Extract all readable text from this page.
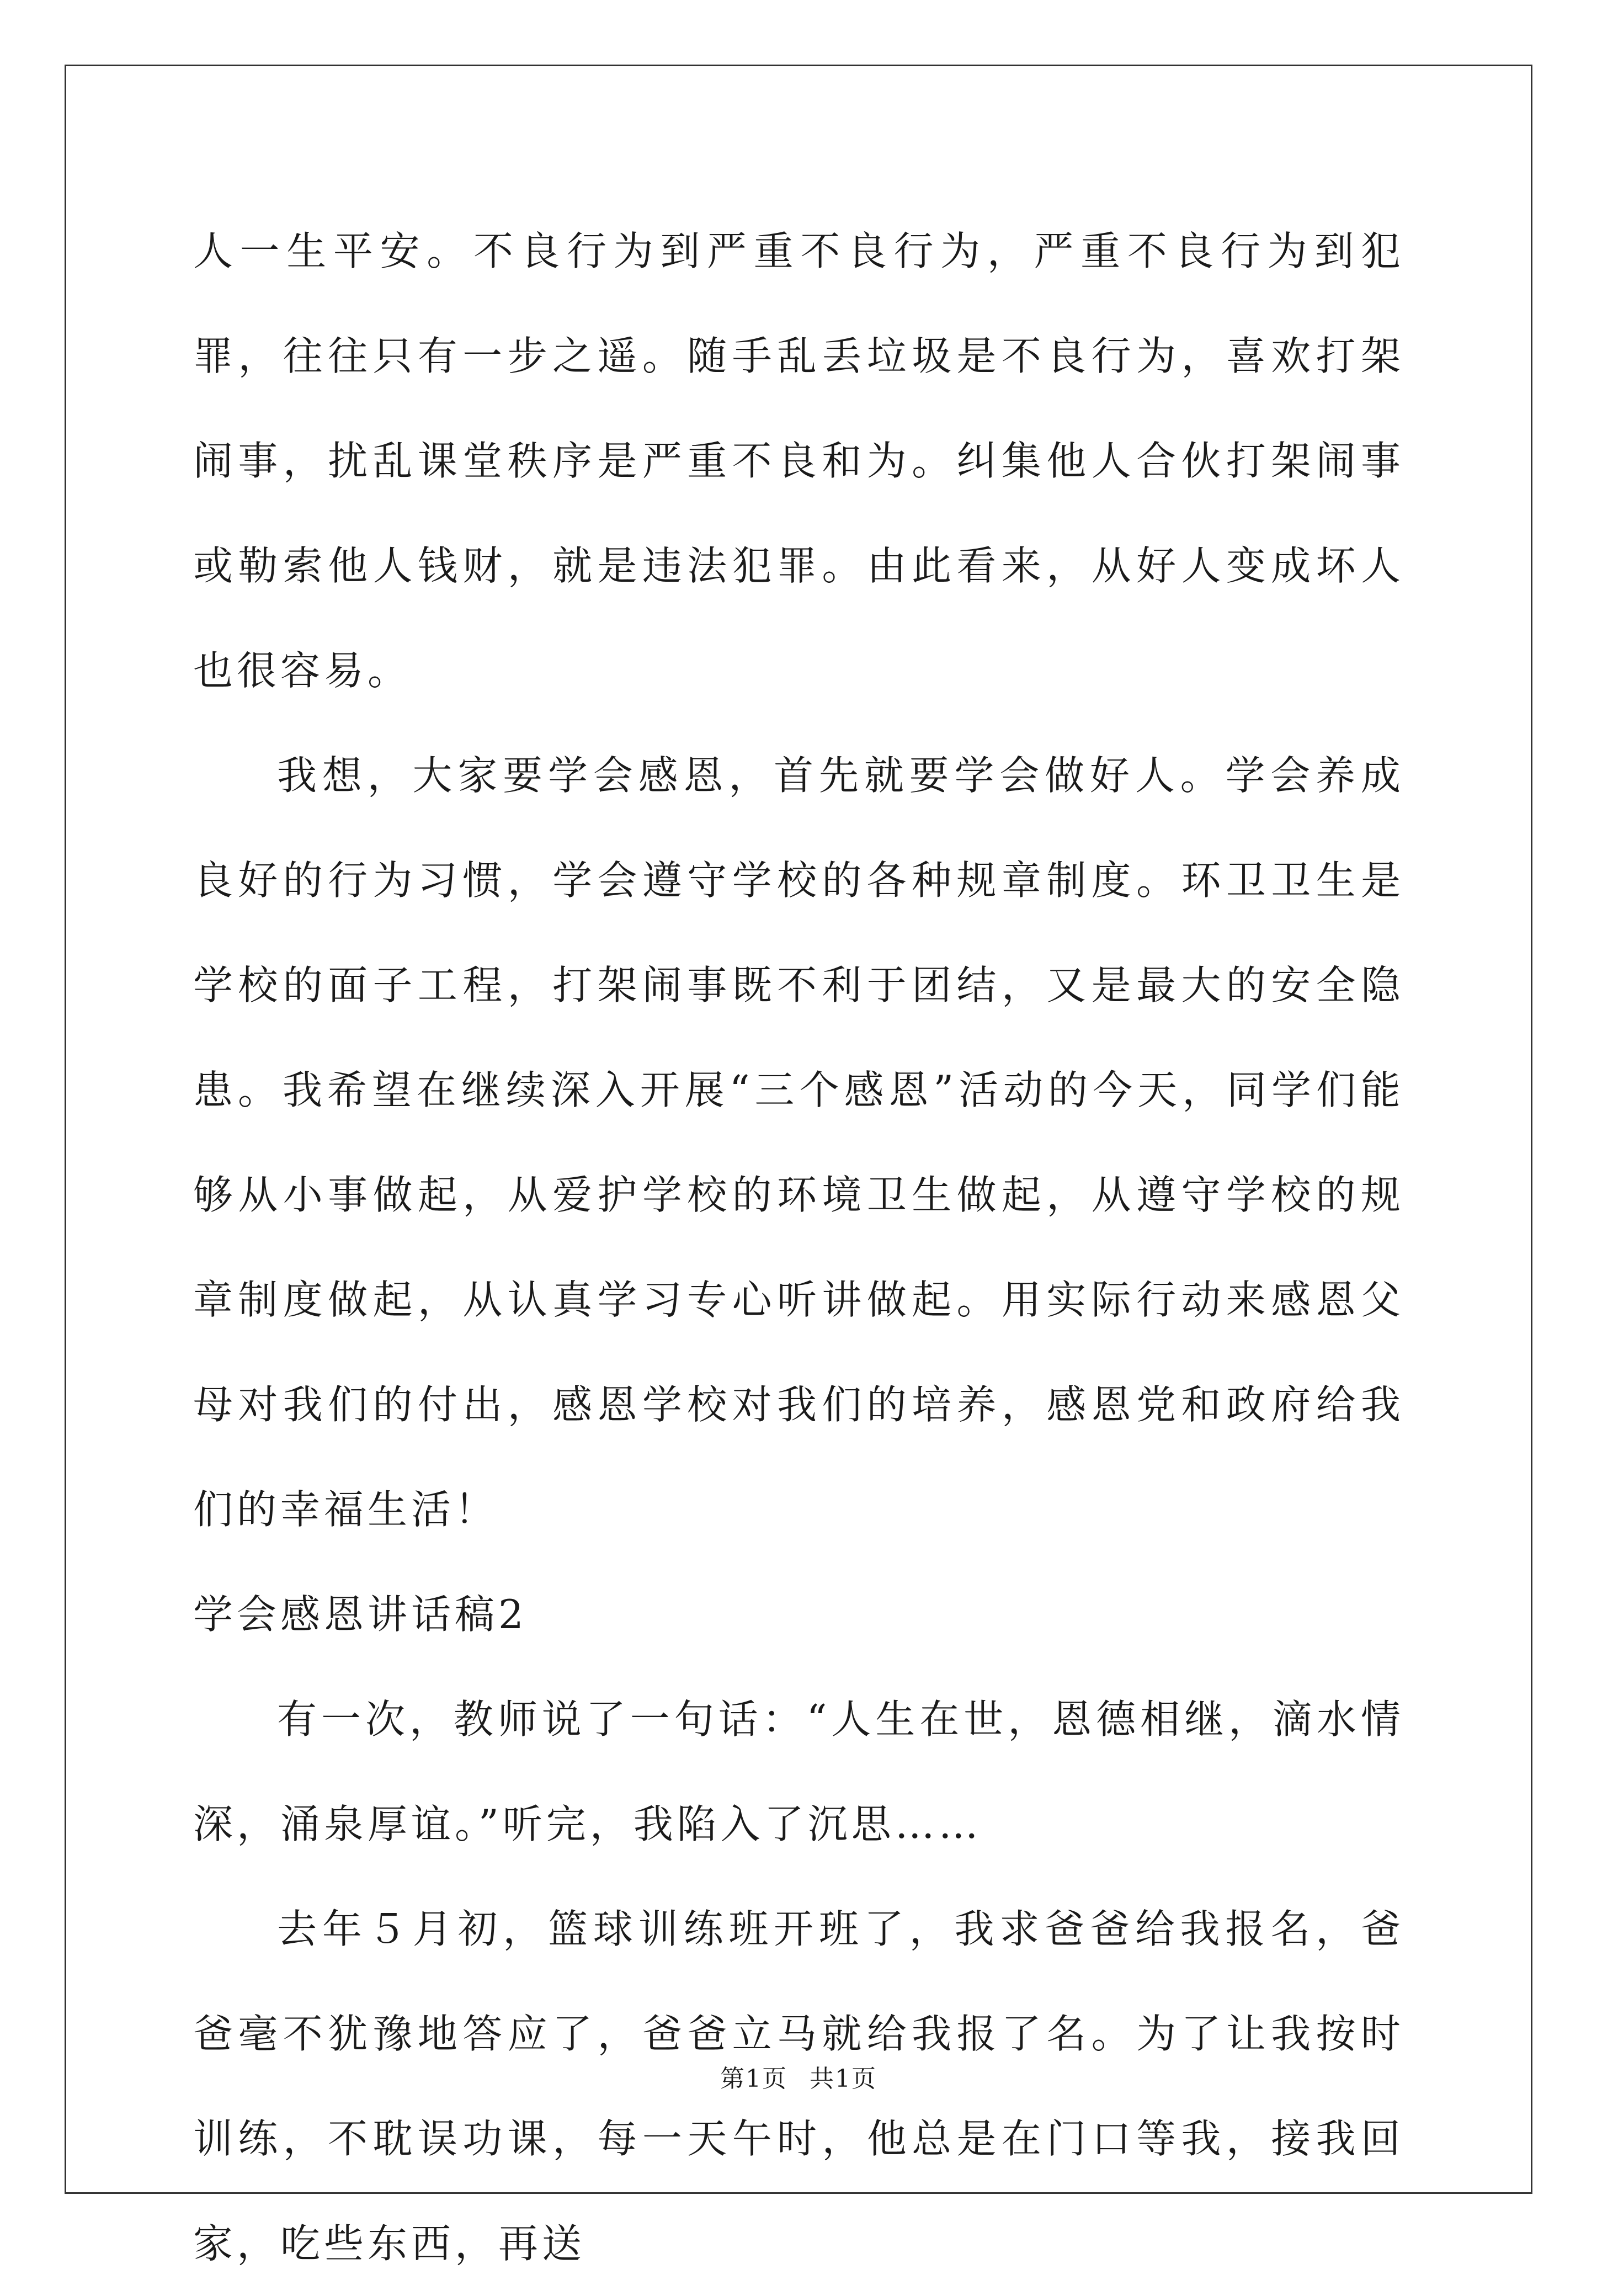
人一生平安。不良行为到严重不良行为，严重不良行为到犯罪，往往只有一步之遥。随手乱丢垃圾是不良行为，喜欢打架闹事，扰乱课堂秩序是严重不良和为。纠集他人合伙打架闹事或勒索他人钱财，就是违法犯罪。由此看来，从好人变成坏人也很容易。

我想，大家要学会感恩，首先就要学会做好人。学会养成良好的行为习惯，学会遵守学校的各种规章制度。环卫卫生是学校的面子工程，打架闹事既不利于团结，又是最大的安全隐患。我希望在继续深入开展“三个感恩”活动的今天，同学们能够从小事做起，从爱护学校的环境卫生做起，从遵守学校的规章制度做起，从认真学习专心听讲做起。用实际行动来感恩父母对我们的付出，感恩学校对我们的培养，感恩党和政府给我们的幸福生活！

学会感恩讲话稿2

有一次，教师说了一句话：“人生在世，恩德相继，滴水情深，涌泉厚谊。”听完，我陷入了沉思……

去年５月初，篮球训练班开班了，我求爸爸给我报名，爸爸毫不犹豫地答应了，爸爸立马就给我报了名。为了让我按时训练，不耽误功课，每一天午时，他总是在门口等我，接我回家，吃些东西，再送

第1页 共1页
